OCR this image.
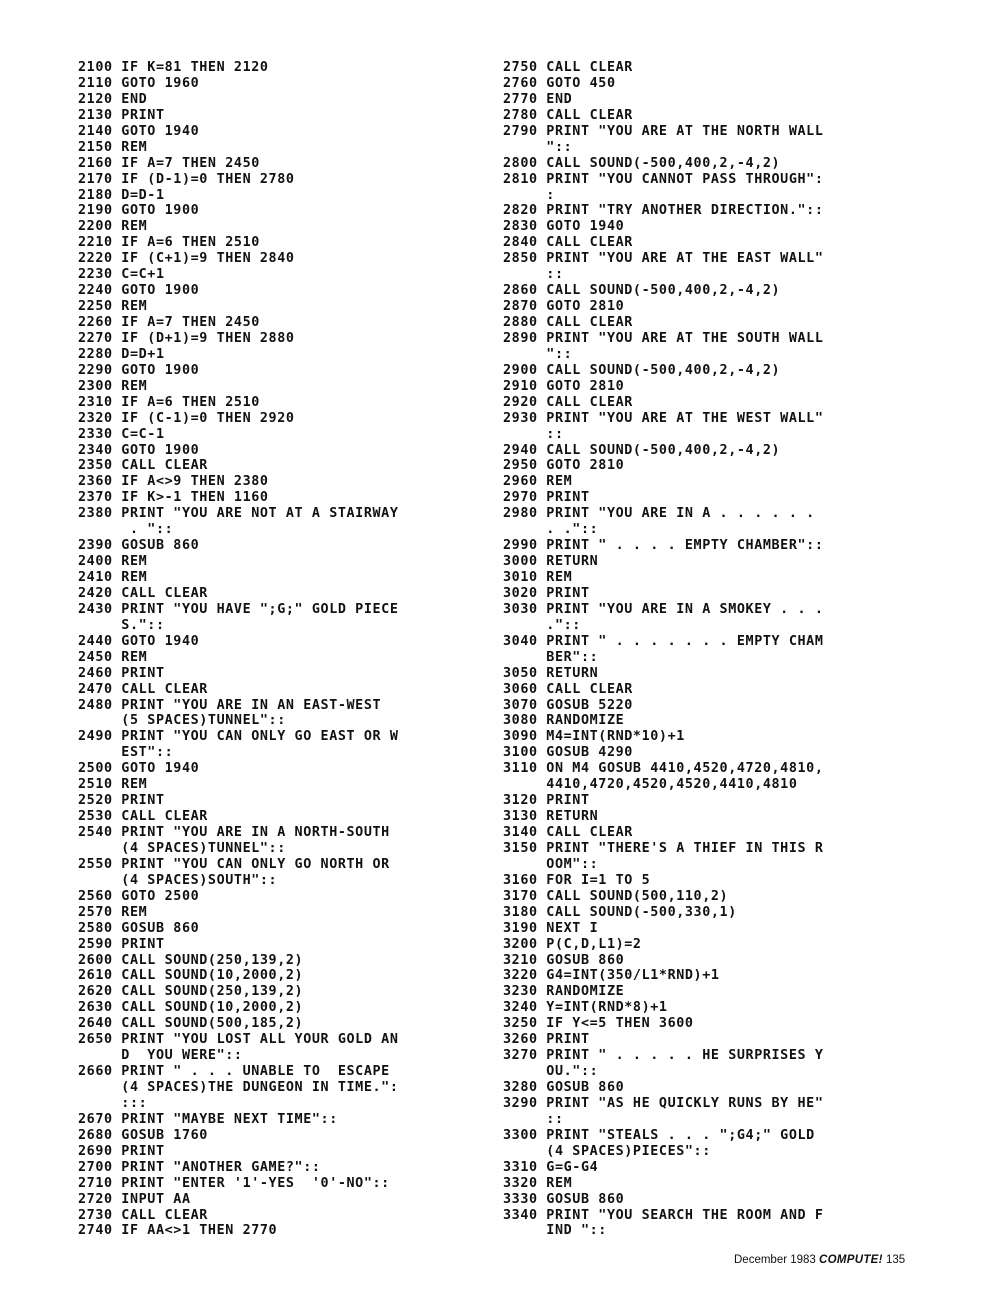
2100 IF K=81 THEN 2120
2110 GOTO 1960
2120 END
2130 PRINT
2140 GOTO 1940
2150 REM
2160 IF A=7 THEN 2450
2170 IF (D-1)=0 THEN 2780
2180 D=D-1
2190 GOTO 1900
2200 REM
2210 IF A=6 THEN 2510
2220 IF (C+1)=9 THEN 2840
2230 C=C+1
2240 GOTO 1900
2250 REM
2260 IF A=7 THEN 2450
2270 IF (D+1)=9 THEN 2880
2280 D=D+1
2290 GOTO 1900
2300 REM
2310 IF A=6 THEN 2510
2320 IF (C-1)=0 THEN 2920
2330 C=C-1
2340 GOTO 1900
2350 CALL CLEAR
2360 IF A<>9 THEN 2380
2370 IF K>-1 THEN 1160
2380 PRINT "YOU ARE NOT AT A STAIRWAY
. "::
2390 GOSUB 860
2400 REM
2410 REM
2420 CALL CLEAR
2430 PRINT "YOU HAVE ";G;" GOLD PIECE
S."::
2440 GOTO 1940
2450 REM
2460 PRINT
2470 CALL CLEAR
2480 PRINT "YOU ARE IN AN EAST-WEST
(5 SPACES)TUNNEL"::
2490 PRINT "YOU CAN ONLY GO EAST OR W
EST"::
2500 GOTO 1940
2510 REM
2520 PRINT
2530 CALL CLEAR
2540 PRINT "YOU ARE IN A NORTH-SOUTH
(4 SPACES)TUNNEL"::
2550 PRINT "YOU CAN ONLY GO NORTH OR
(4 SPACES)SOUTH"::
2560 GOTO 2500
2570 REM
2580 GOSUB 860
2590 PRINT
2600 CALL SOUND(250,139,2)
2610 CALL SOUND(10,2000,2)
2620 CALL SOUND(250,139,2)
2630 CALL SOUND(10,2000,2)
2640 CALL SOUND(500,185,2)
2650 PRINT "YOU LOST ALL YOUR GOLD AN
D  YOU WERE"::
2660 PRINT " . . . UNABLE TO  ESCAPE
(4 SPACES)THE DUNGEON IN TIME.":
:::
2670 PRINT "MAYBE NEXT TIME"::
2680 GOSUB 1760
2690 PRINT
2700 PRINT "ANOTHER GAME?"::
2710 PRINT "ENTER '1'-YES  '0'-NO"::
2720 INPUT AA
2730 CALL CLEAR
2740 IF AA<>1 THEN 2770
2750 CALL CLEAR
2760 GOTO 450
2770 END
2780 CALL CLEAR
2790 PRINT "YOU ARE AT THE NORTH WALL
"::
2800 CALL SOUND(-500,400,2,-4,2)
2810 PRINT "YOU CANNOT PASS THROUGH":
:
2820 PRINT "TRY ANOTHER DIRECTION."::
2830 GOTO 1940
2840 CALL CLEAR
2850 PRINT "YOU ARE AT THE EAST WALL"
::
2860 CALL SOUND(-500,400,2,-4,2)
2870 GOTO 2810
2880 CALL CLEAR
2890 PRINT "YOU ARE AT THE SOUTH WALL
"::
2900 CALL SOUND(-500,400,2,-4,2)
2910 GOTO 2810
2920 CALL CLEAR
2930 PRINT "YOU ARE AT THE WEST WALL"
::
2940 CALL SOUND(-500,400,2,-4,2)
2950 GOTO 2810
2960 REM
2970 PRINT
2980 PRINT "YOU ARE IN A . . . . . .
. ."::
2990 PRINT " . . . . EMPTY CHAMBER"::
3000 RETURN
3010 REM
3020 PRINT
3030 PRINT "YOU ARE IN A SMOKEY . . .
."::
3040 PRINT " . . . . . . . EMPTY CHAM
BER"::
3050 RETURN
3060 CALL CLEAR
3070 GOSUB 5220
3080 RANDOMIZE
3090 M4=INT(RND*10)+1
3100 GOSUB 4290
3110 ON M4 GOSUB 4410,4520,4720,4810,
4410,4720,4520,4520,4410,4810
3120 PRINT
3130 RETURN
3140 CALL CLEAR
3150 PRINT "THERE'S A THIEF IN THIS R
OOM"::
3160 FOR I=1 TO 5
3170 CALL SOUND(500,110,2)
3180 CALL SOUND(-500,330,1)
3190 NEXT I
3200 P(C,D,L1)=2
3210 GOSUB 860
3220 G4=INT(350/L1*RND)+1
3230 RANDOMIZE
3240 Y=INT(RND*8)+1
3250 IF Y<=5 THEN 3600
3260 PRINT
3270 PRINT " . . . . . HE SURPRISES Y
OU."::
3280 GOSUB 860
3290 PRINT "AS HE QUICKLY RUNS BY HE"
::
3300 PRINT "STEALS . . . ";G4;" GOLD
(4 SPACES)PIECES"::
3310 G=G-G4
3320 REM
3330 GOSUB 860
3340 PRINT "YOU SEARCH THE ROOM AND F
IND "::
December 1983 COMPUTE! 135
